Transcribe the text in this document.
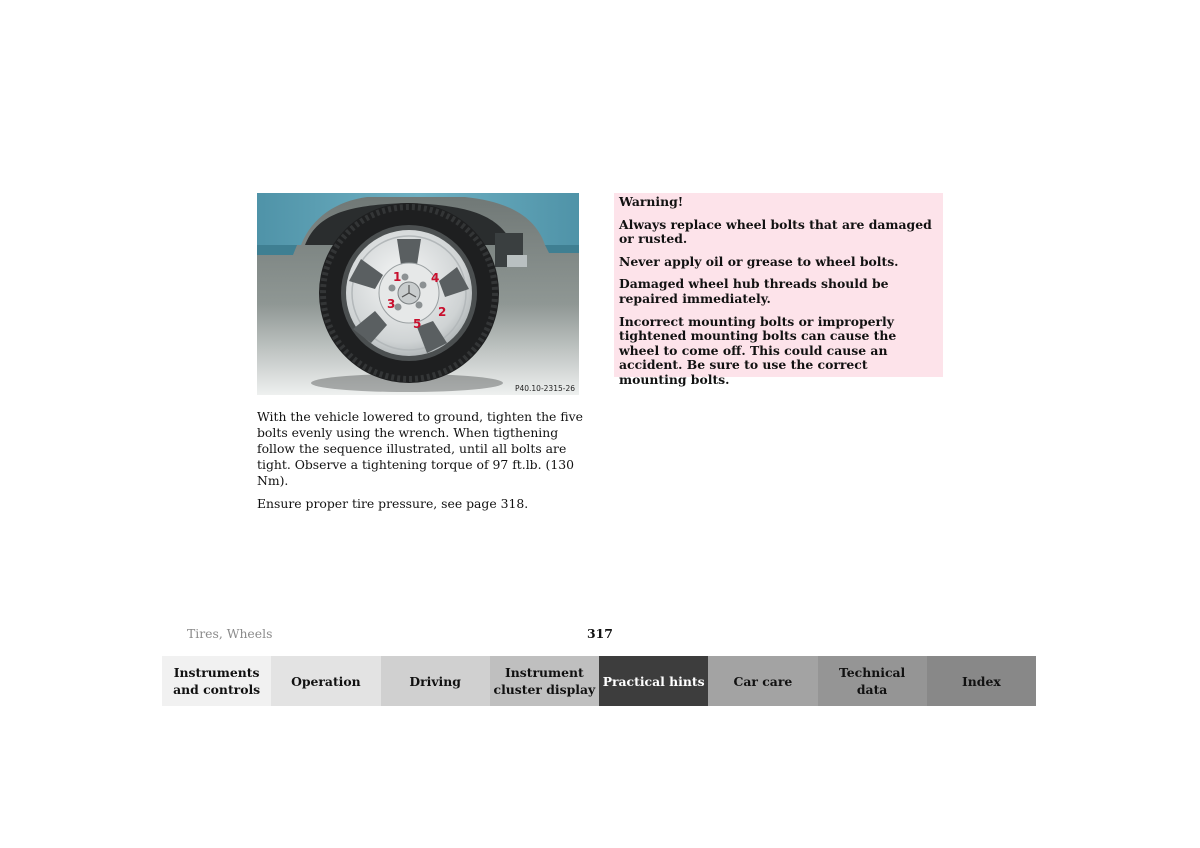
1
2
3
4
5
P40.10-2315-26

With the vehicle lowered to ground, tighten the five bolts evenly using the wrench. When tigthening follow the sequence illustrated, until all bolts are tight. Observe a tightening torque of 97 ft.lb. (130 Nm).

Ensure proper tire pressure, see page 318.

Warning!

Always replace wheel bolts that are damaged or rusted.

Never apply oil or grease to wheel bolts.

Damaged wheel hub threads should be repaired immediately.

Incorrect mounting bolts or improperly tightened mounting bolts can cause the wheel to come off. This could cause an accident. Be sure to use the correct mounting bolts.

Tires, Wheels	317
Instruments
and controls
Operation	Driving
Instrument
cluster display
Practical hints	Car care
Technical
data
Index
